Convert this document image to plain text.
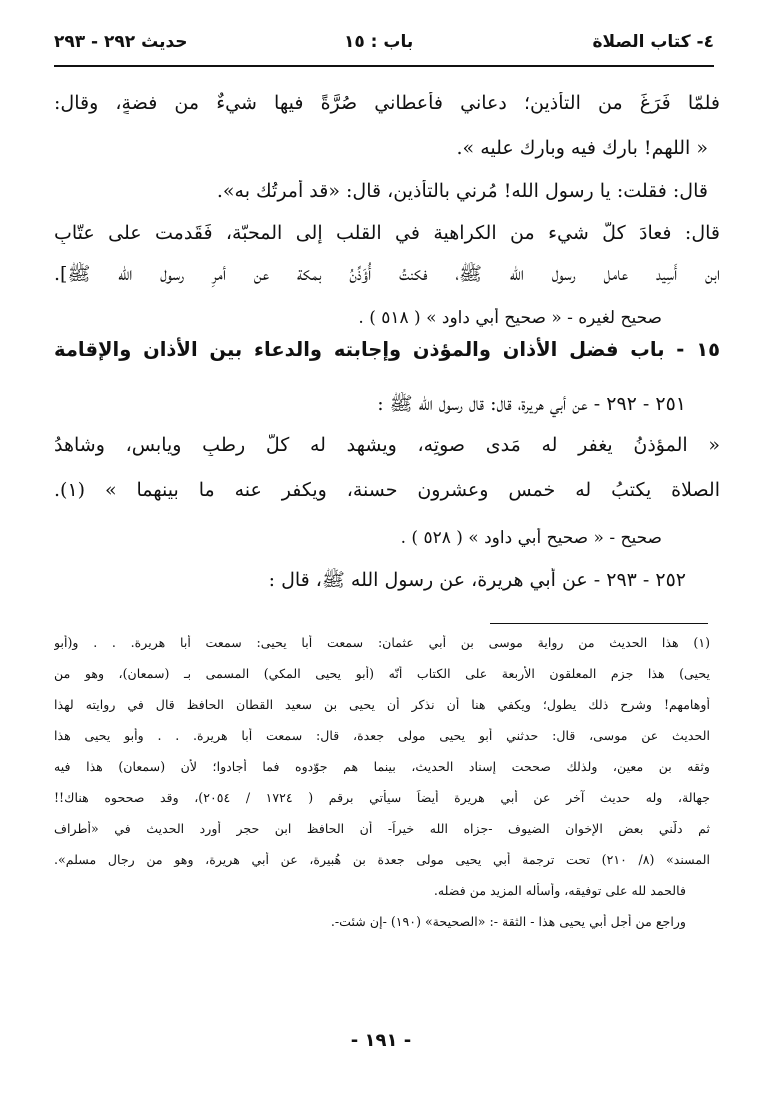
٤- كتاب الصلاة
باب : ١٥
حديث ٢٩٢ - ٢٩٣
فلمّا فَرَغَ من التأذين؛ دعاني فأعطاني صُرَّةً فيها شيءٌ من فضةٍ، وقال:
« اللهم! بارك فيه وبارك عليه ».
قال: فقلت: يا رسول الله! مُرني بالتأذين، قال: «قد أمرتُك به».
قال: فعادَ كلُّ شيء من الكراهية في القلب إلى المحبّة، فَقَدمت على عتّابِ
ابن أَسِيد عامل رسول الله ﷺ، فكنتُ أُؤَذِّنُ بمكة عن أمرِ رسول الله ﷺ].
صحيح لغيره - « صحيح أبي داود » ( ٥١٨ ) .
١٥ - باب فضل الأذان والمؤذن وإجابته والدعاء بين الأذان والإقامة
٢٥١ - ٢٩٢ - عن أبي هريرة، قال: قال رسول الله ﷺ :
« المؤذنُ يغفر له مَدى صوتِه، ويشهد له كلُّ رطبٍ ويابسٍ، وشاهدُ
الصلاة يكتبُ له خمس وعشرون حسنة، ويكفر عنه ما بينهما » (١).
صحيح - « صحيح أبي داود » ( ٥٢٨ ) .
٢٥٢ - ٢٩٣ - عن أبي هريرة، عن رسول الله ﷺ، قال :
(١) هذا الحديث من رواية موسى بن أبي عثمان: سمعت أبا يحيى: سمعت أبا هريرة. . . و(أبو
يحيى) هذا جزم المعلقون الأربعة على الكتاب أنّه (أبو يحيى المكي) المسمى بـ (سمعان)، وهو من
أوهامهم! وشرح ذلك يطول؛ ويكفي هنا أن نذكر أن يحيى بن سعيد القطان الحافظ قال في روايته لهذا
الحديث عن موسى، قال: حدثني أبو يحيى مولى جعدة، قال: سمعت أبا هريرة. . . وأبو يحيى هذا
وثقه بن معين، ولذلك صححت إسناد الحديث، بينما هم جوّدوه فما أجادوا؛ لأن (سمعان) هذا فيه
جهالة، وله حديث آخر عن أبي هريرة أيضاً سيأتي برقم ( ١٧٢٤ / ٢٠٥٤)، وقد صححوه هناك!!
ثم دلّني بعض الإخوان الضيوف -جزاه الله خيراً- أن الحافظ ابن حجر أورد الحديث في «أطراف
المسند» (٨/ ٢١٠) تحت ترجمة أبي يحيى مولى جعدة بن هُبيرة، عن أبي هريرة، وهو من رجال مسلم».
فالحمد لله على توفيقه، وأسأله المزيد من فضله.
وراجع من أجل أبي يحيى هذا - الثقة -: «الصحيحة» (١٩٠) -إن شئت-.
- ١٩١ -
